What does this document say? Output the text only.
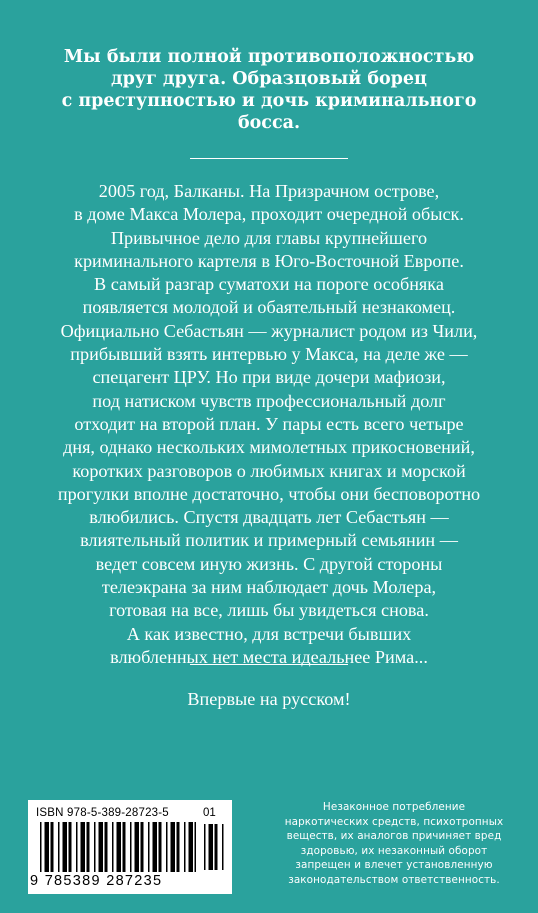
Мы были полной противоположностью
друг друга. Образцовый борец
с преступностью и дочь криминального
босса.
2005 год, Балканы. На Призрачном острове,
в доме Макса Молера, проходит очередной обыск.
Привычное дело для главы крупнейшего
криминального картеля в Юго-Восточной Европе.
В самый разгар суматохи на пороге особняка
появляется молодой и обаятельный незнакомец.
Официально Себастьян — журналист родом из Чили,
прибывший взять интервью у Макса, на деле же —
спецагент ЦРУ. Но при виде дочери мафиози,
под натиском чувств профессиональный долг
отходит на второй план. У пары есть всего четыре
дня, однако нескольких мимолетных прикосновений,
коротких разговоров о любимых книгах и морской
прогулки вполне достаточно, чтобы они бесповоротно
влюбились. Спустя двадцать лет Себастьян —
влиятельный политик и примерный семьянин —
ведет совсем иную жизнь. С другой стороны
телеэкрана за ним наблюдает дочь Молера,
готовая на все, лишь бы увидеться снова.
А как известно, для встречи бывших
влюбленных нет места идеальнее Рима...
Впервые на русском!
ISBN 978-5-389-28723-5	01
9 785389 287235
Незаконное потребление
наркотических средств, психотропных
веществ, их аналогов причиняет вред
здоровью, их незаконный оборот
запрещен и влечет установленную
законодательством ответственность.
